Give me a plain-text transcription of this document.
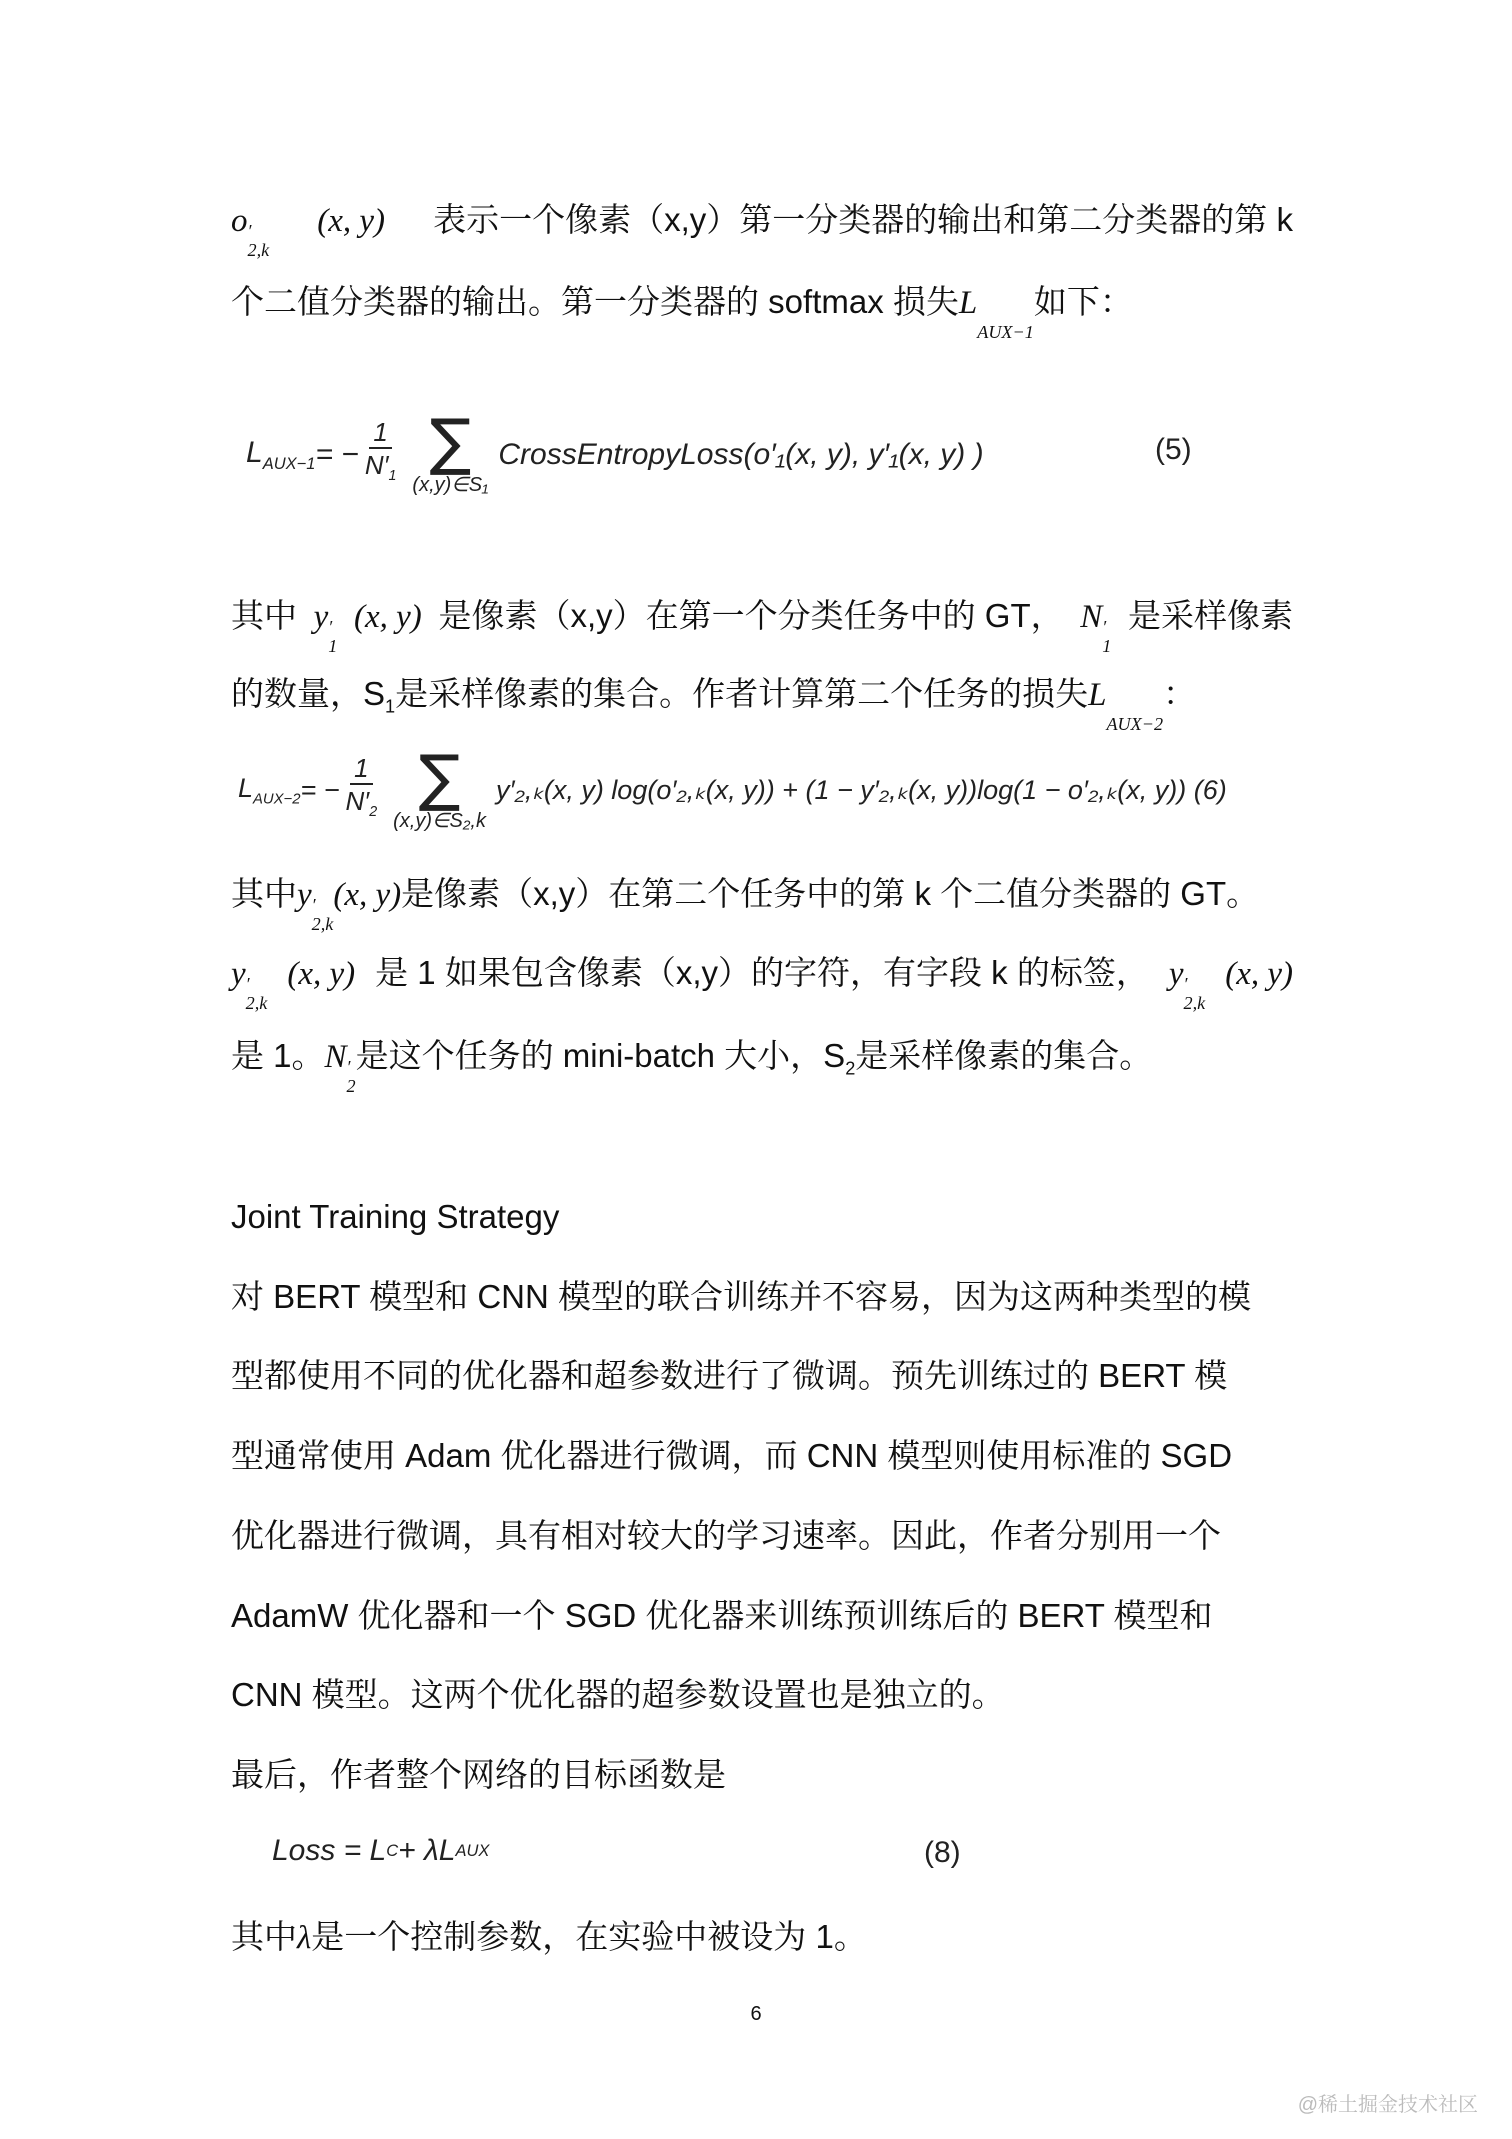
o ′
2,k
(x, y) 表示一个像素（x,y）第一分类器的输出和第二分类器的第 k
个二值分类器的输出。第一分类器的 softmax 损失 L

AUX−1
如下：
其中 y ′
1
(x, y) 是像素（x,y）在第一个分类任务中的 GT， N ′
1
是采样像素
的数量，S $_1$ 是采样像素的集合。作者计算第二个任务的损失 L

AUX−2
：
其中 y ′
2,k
(x, y) 是像素（x,y）在第二个任务中的第 k 个二值分类器的 GT。
y ′
2,k
(x, y) 是 1 如果包含像素（x,y）的字符，有字段 k 的标签， y ′
2,k
(x, y)
是 1。 N ′
2
是这个任务的 mini-batch 大小，S $_2$ 是采样像素的集合。
Joint Training Strategy
对 BERT 模型和 CNN 模型的联合训练并不容易，因为这两种类型的模
型都使用不同的优化器和超参数进行了微调。预先训练过的 BERT 模
型通常使用 Adam 优化器进行微调，而 CNN 模型则使用标准的 SGD
优化器进行微调，具有相对较大的学习速率。因此，作者分别用一个
AdamW 优化器和一个 SGD 优化器来训练预训练后的 BERT 模型和
CNN 模型。这两个优化器的超参数设置也是独立的。
最后，作者整个网络的目标函数是
其中 λ 是一个控制参数，在实验中被设为 1。
$L_{AUX-1}$ = − $\frac{1}{N'_1}$ ∑
(x,y)∈S₁
CrossEntropyLoss(o′₁(x, y), y′₁(x, y) )	(5)
$L_{AUX-2}$ = − $\frac{1}{N'_2}$ ∑
(x,y)∈S₂,k
y′₂,ₖ(x, y) log(o′₂,ₖ(x, y)) + (1 − y′₂,ₖ(x, y))log(1 − o′₂,ₖ(x, y)) (6)
Loss = L C + λL AUX	(8)
6
@稀土掘金技术社区
